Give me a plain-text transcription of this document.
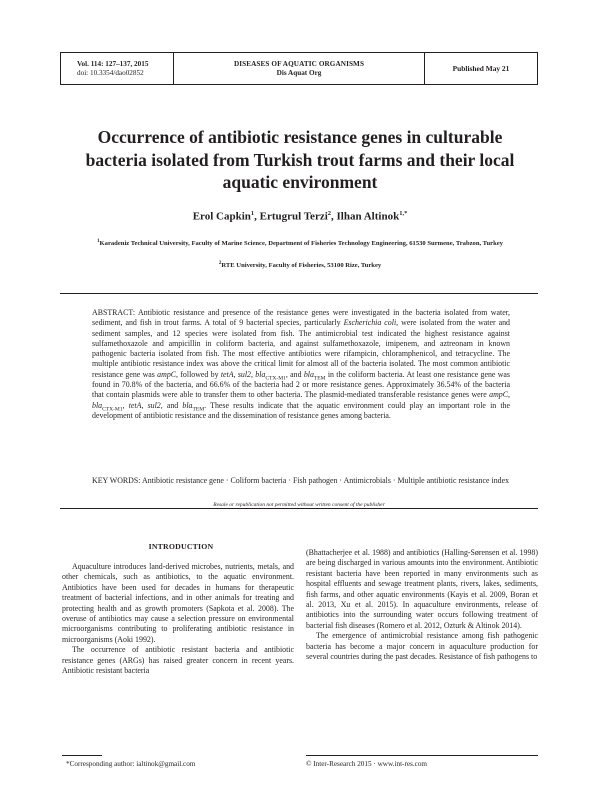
Vol. 114: 127–137, 2015
doi: 10.3354/dao02852
DISEASES OF AQUATIC ORGANISMS
Dis Aquat Org	Published May 21
Occurrence of antibiotic resistance genes in culturable bacteria isolated from Turkish trout farms and their local aquatic environment
Erol Capkin$^1$, Ertugrul Terzi$^2$, Ilhan Altinok$^{1,*}$
$^1$Karadeniz Technical University, Faculty of Marine Science, Department of Fisheries Technology Engineering, 61530 Surmene, Trabzon, Turkey
$^2$RTE University, Faculty of Fisheries, 53100 Rize, Turkey
ABSTRACT: Antibiotic resistance and presence of the resistance genes were investigated in the bacteria isolated from water, sediment, and fish in trout farms. A total of 9 bacterial species, particularly Escherichia coli, were isolated from the water and sediment samples, and 12 species were isolated from fish. The antimicrobial test indicated the highest resistance against sulfamethoxazole and ampicillin in coliform bacteria, and against sulfamethoxazole, imipenem, and aztreonam in known pathogenic bacteria isolated from fish. The most effective antibiotics were rifampicin, chloramphenicol, and tetracycline. The multiple antibiotic resistance index was above the critical limit for almost all of the bacteria isolated. The most common antibiotic resistance gene was ampC, followed by tetA, sul2, bla$_{CTX-M1}$, and bla$_{TEM}$ in the coliform bacteria. At least one resistance gene was found in 70.8% of the bacteria, and 66.6% of the bacteria had 2 or more resistance genes. Approximately 36.54% of the bacteria that contain plasmids were able to transfer them to other bacteria. The plasmid-mediated transferable resistance genes were ampC, bla$_{CTX-M1}$, tetA, sul2, and bla$_{TEM}$. These results indicate that the aquatic environment could play an important role in the development of antibiotic resistance and the dissemination of resistance genes among bacteria.
KEY WORDS: Antibiotic resistance gene · Coliform bacteria · Fish pathogen · Antimicrobials · Multiple antibiotic resistance index
Resale or republication not permitted without written consent of the publisher
INTRODUCTION

Aquaculture introduces land-derived microbes, nutrients, metals, and other chemicals, such as antibiotics, to the aquatic environment. Antibiotics have been used for decades in humans for therapeutic treatment of bacterial infections, and in other animals for treating and protecting health and as growth promoters (Sapkota et al. 2008). The overuse of antibiotics may cause a selection pressure on environmental microorganisms contributing to proliferating antibiotic resistance in microorganisms (Aoki 1992).

The occurrence of antibiotic resistant bacteria and antibiotic resistance genes (ARGs) has raised greater concern in recent years. Antibiotic resistant bacteria

(Bhattacherjee et al. 1988) and antibiotics (Halling-Sørensen et al. 1998) are being discharged in various amounts into the environment. Antibiotic resistant bacteria have been reported in many environments such as hospital effluents and sewage treatment plants, rivers, lakes, sediments, fish farms, and other aquatic environments (Kayis et al. 2009, Boran et al. 2013, Xu et al. 2015). In aquaculture environments, release of antibiotics into the surrounding water occurs following treatment of bacterial fish diseases (Romero et al. 2012, Ozturk & Altinok 2014).

The emergence of antimicrobial resistance among fish pathogenic bacteria has become a major concern in aquaculture production for several countries during the past decades. Resistance of fish pathogens to

*Corresponding author: ialtinok@gmail.com	© Inter-Research 2015 · www.int-res.com
